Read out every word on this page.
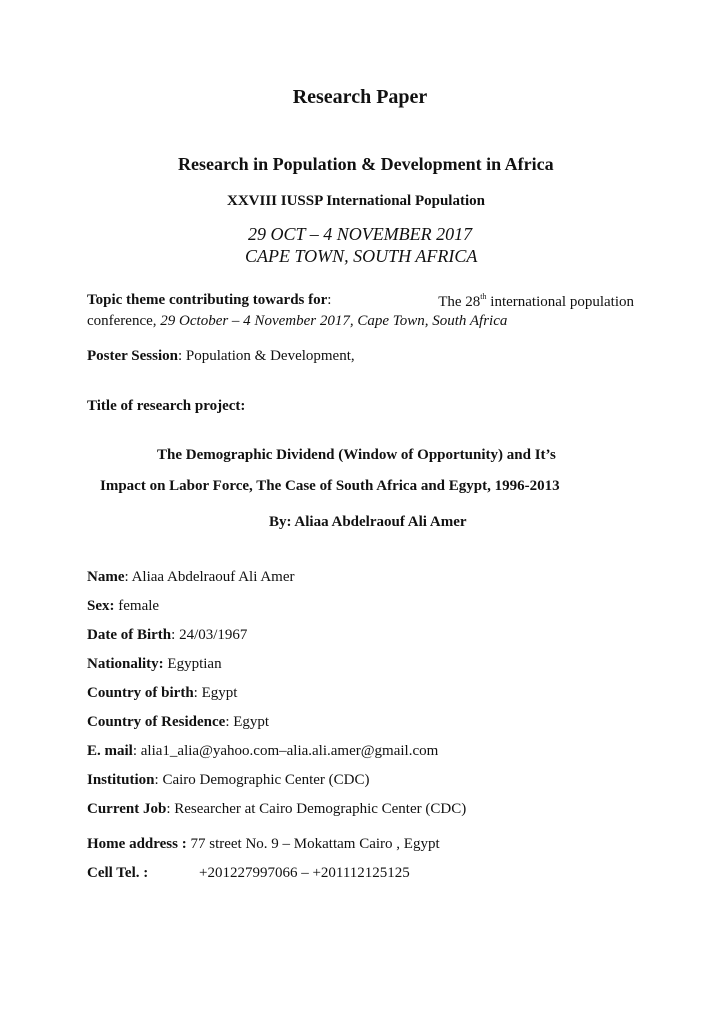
Research Paper
Research in Population & Development in Africa
XXVIII IUSSP International Population
29 OCT – 4 NOVEMBER 2017
CAPE TOWN, SOUTH AFRICA
Topic theme contributing towards for:	The 28th international population
conference, 29 October – 4 November 2017, Cape Town, South Africa
Poster Session: Population & Development,
Title of research project:
The Demographic Dividend (Window of Opportunity) and It’s
Impact on Labor Force, The Case of South Africa and Egypt, 1996-2013
By: Aliaa Abdelraouf Ali Amer
Name: Aliaa Abdelraouf Ali Amer
Sex: female
Date of Birth: 24/03/1967
Nationality: Egyptian
Country of birth: Egypt
Country of Residence: Egypt
E. mail: alia1_alia@yahoo.com–alia.ali.amer@gmail.com
Institution: Cairo Demographic Center (CDC)
Current Job: Researcher at Cairo Demographic Center (CDC)
Home address : 77 street No. 9 – Mokattam Cairo , Egypt
Cell Tel. :	+201227997066 – +201112125125
